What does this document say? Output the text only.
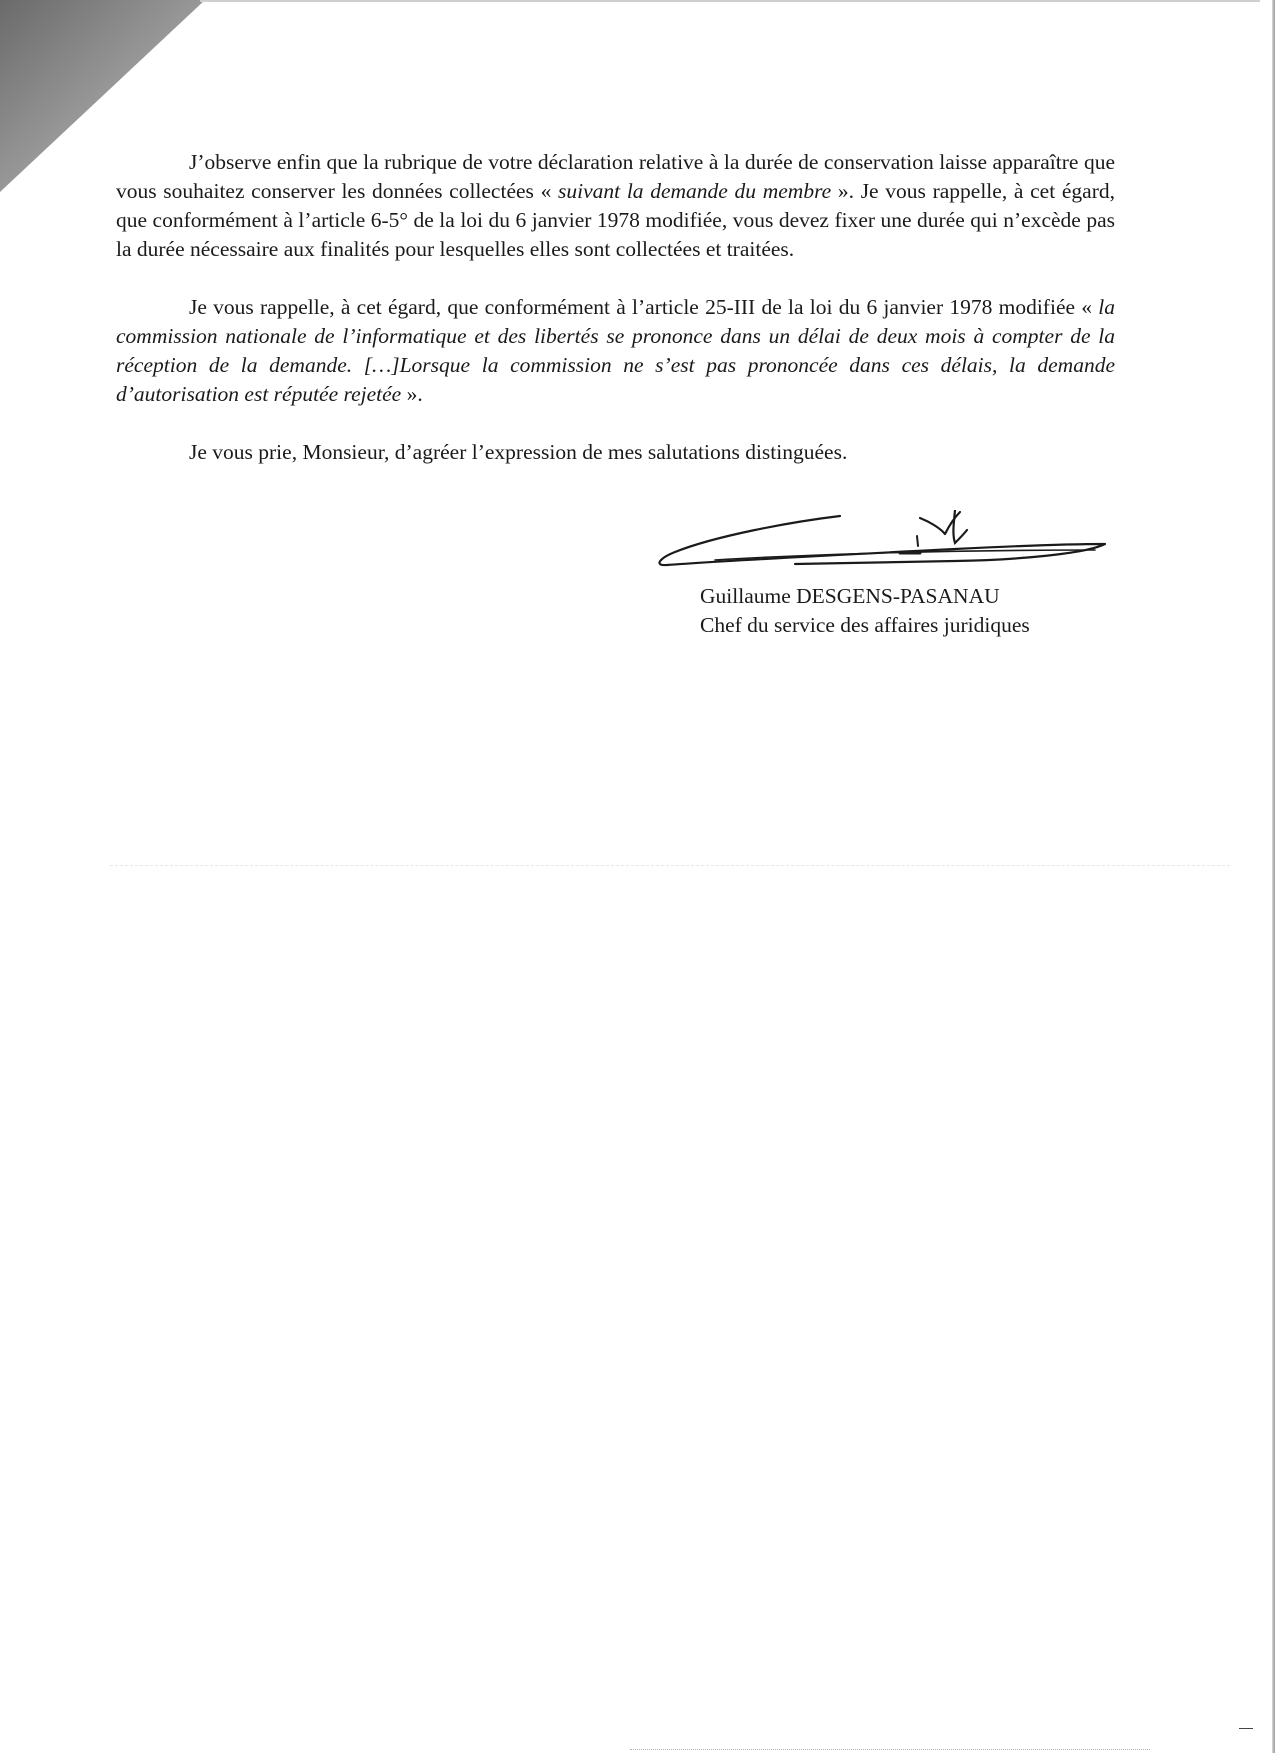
J’observe enfin que la rubrique de votre déclaration relative à la durée de conservation laisse apparaître que vous souhaitez conserver les données collectées « suivant la demande du membre ». Je vous rappelle, à cet égard, que conformément à l’article 6-5° de la loi du 6 janvier 1978 modifiée, vous devez fixer une durée qui n’excède pas la durée nécessaire aux finalités pour lesquelles elles sont collectées et traitées.

Je vous rappelle, à cet égard, que conformément à l’article 25-III de la loi du 6 janvier 1978 modifiée « la commission nationale de l’informatique et des libertés se prononce dans un délai de deux mois à compter de la réception de la demande. […]Lorsque la commission ne s’est pas prononcée dans ces délais, la demande d’autorisation est réputée rejetée ».

Je vous prie, Monsieur, d’agréer l’expression de mes salutations distinguées.

Guillaume DESGENS-PASANAU
Chef du service des affaires juridiques
